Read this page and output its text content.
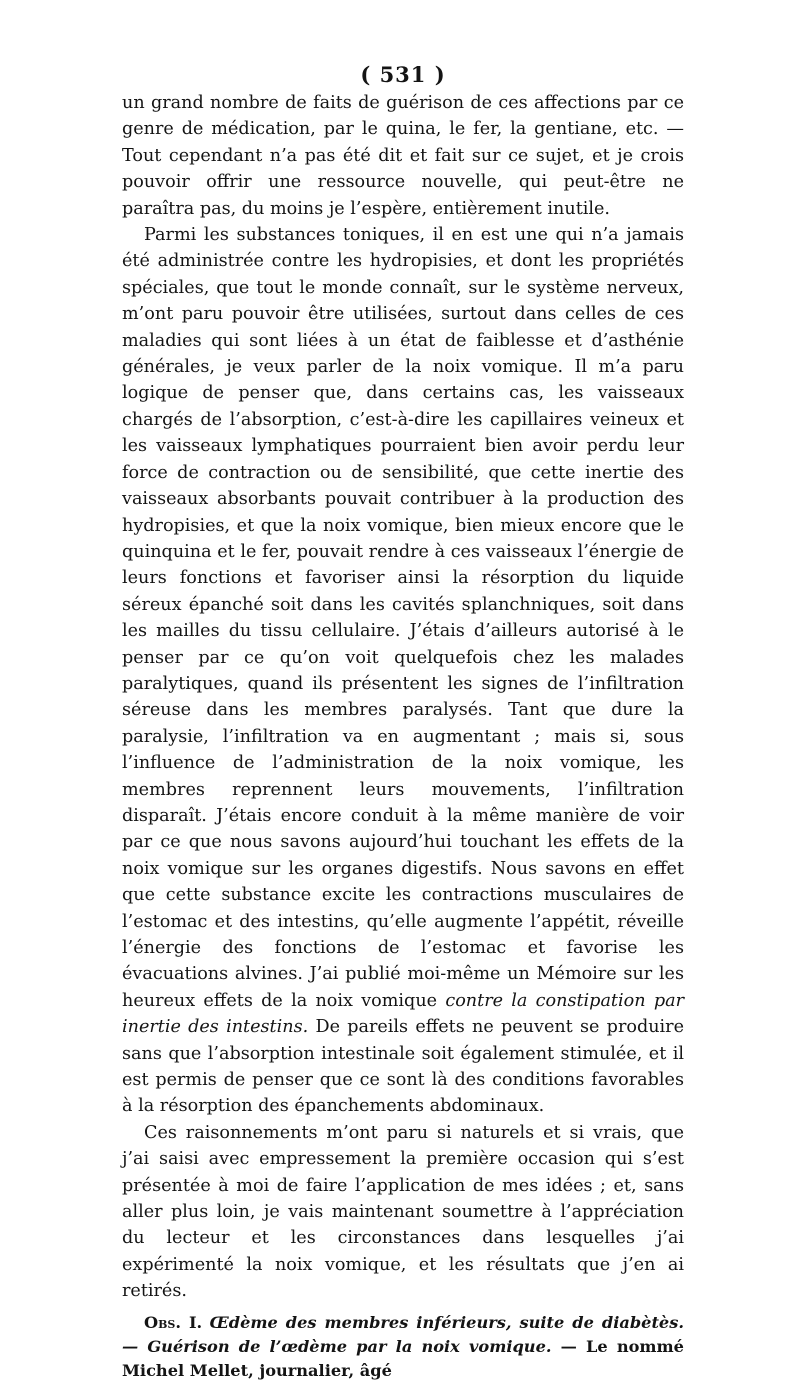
( 531 )

un grand nombre de faits de guérison de ces affections par ce genre de médication, par le quina, le fer, la gentiane, etc. — Tout cependant n’a pas été dit et fait sur ce sujet, et je crois pouvoir offrir une ressource nouvelle, qui peut-être ne paraîtra pas, du moins je l’espère, entièrement inutile.

Parmi les substances toniques, il en est une qui n’a jamais été administrée contre les hydropisies, et dont les propriétés spéciales, que tout le monde connaît, sur le système nerveux, m’ont paru pouvoir être utilisées, surtout dans celles de ces maladies qui sont liées à un état de faiblesse et d’asthénie générales, je veux parler de la noix vomique. Il m’a paru logique de penser que, dans certains cas, les vaisseaux chargés de l’absorption, c’est-à-dire les capillaires veineux et les vaisseaux lymphatiques pourraient bien avoir perdu leur force de contraction ou de sensibilité, que cette inertie des vaisseaux absorbants pouvait contribuer à la production des hydropisies, et que la noix vomique, bien mieux encore que le quinquina et le fer, pouvait rendre à ces vaisseaux l’énergie de leurs fonctions et favoriser ainsi la résorption du liquide séreux épanché soit dans les cavités splanchniques, soit dans les mailles du tissu cellulaire. J’étais d’ailleurs autorisé à le penser par ce qu’on voit quelquefois chez les malades paralytiques, quand ils présentent les signes de l’infiltration séreuse dans les membres paralysés. Tant que dure la paralysie, l’infiltration va en augmentant ; mais si, sous l’influence de l’administration de la noix vomique, les membres reprennent leurs mouvements, l’infiltration disparaît. J’étais encore conduit à la même manière de voir par ce que nous savons aujourd’hui touchant les effets de la noix vomique sur les organes digestifs. Nous savons en effet que cette substance excite les contractions musculaires de l’estomac et des intestins, qu’elle augmente l’appétit, réveille l’énergie des fonctions de l’estomac et favorise les évacuations alvines. J’ai publié moi-même un Mémoire sur les heureux effets de la noix vomique contre la constipation par inertie des intestins. De pareils effets ne peuvent se produire sans que l’absorption intestinale soit également stimulée, et il est permis de penser que ce sont là des conditions favorables à la résorption des épanchements abdominaux.

Ces raisonnements m’ont paru si naturels et si vrais, que j’ai saisi avec empressement la première occasion qui s’est présentée à moi de faire l’application de mes idées ; et, sans aller plus loin, je vais maintenant soumettre à l’appréciation du lecteur et les circonstances dans lesquelles j’ai expérimenté la noix vomique, et les résultats que j’en ai retirés.

Obs. I. Œdème des membres inférieurs, suite de diabètès. — Guérison de l’œdème par la noix vomique. — Le nommé Michel Mellet, journalier, âgé
